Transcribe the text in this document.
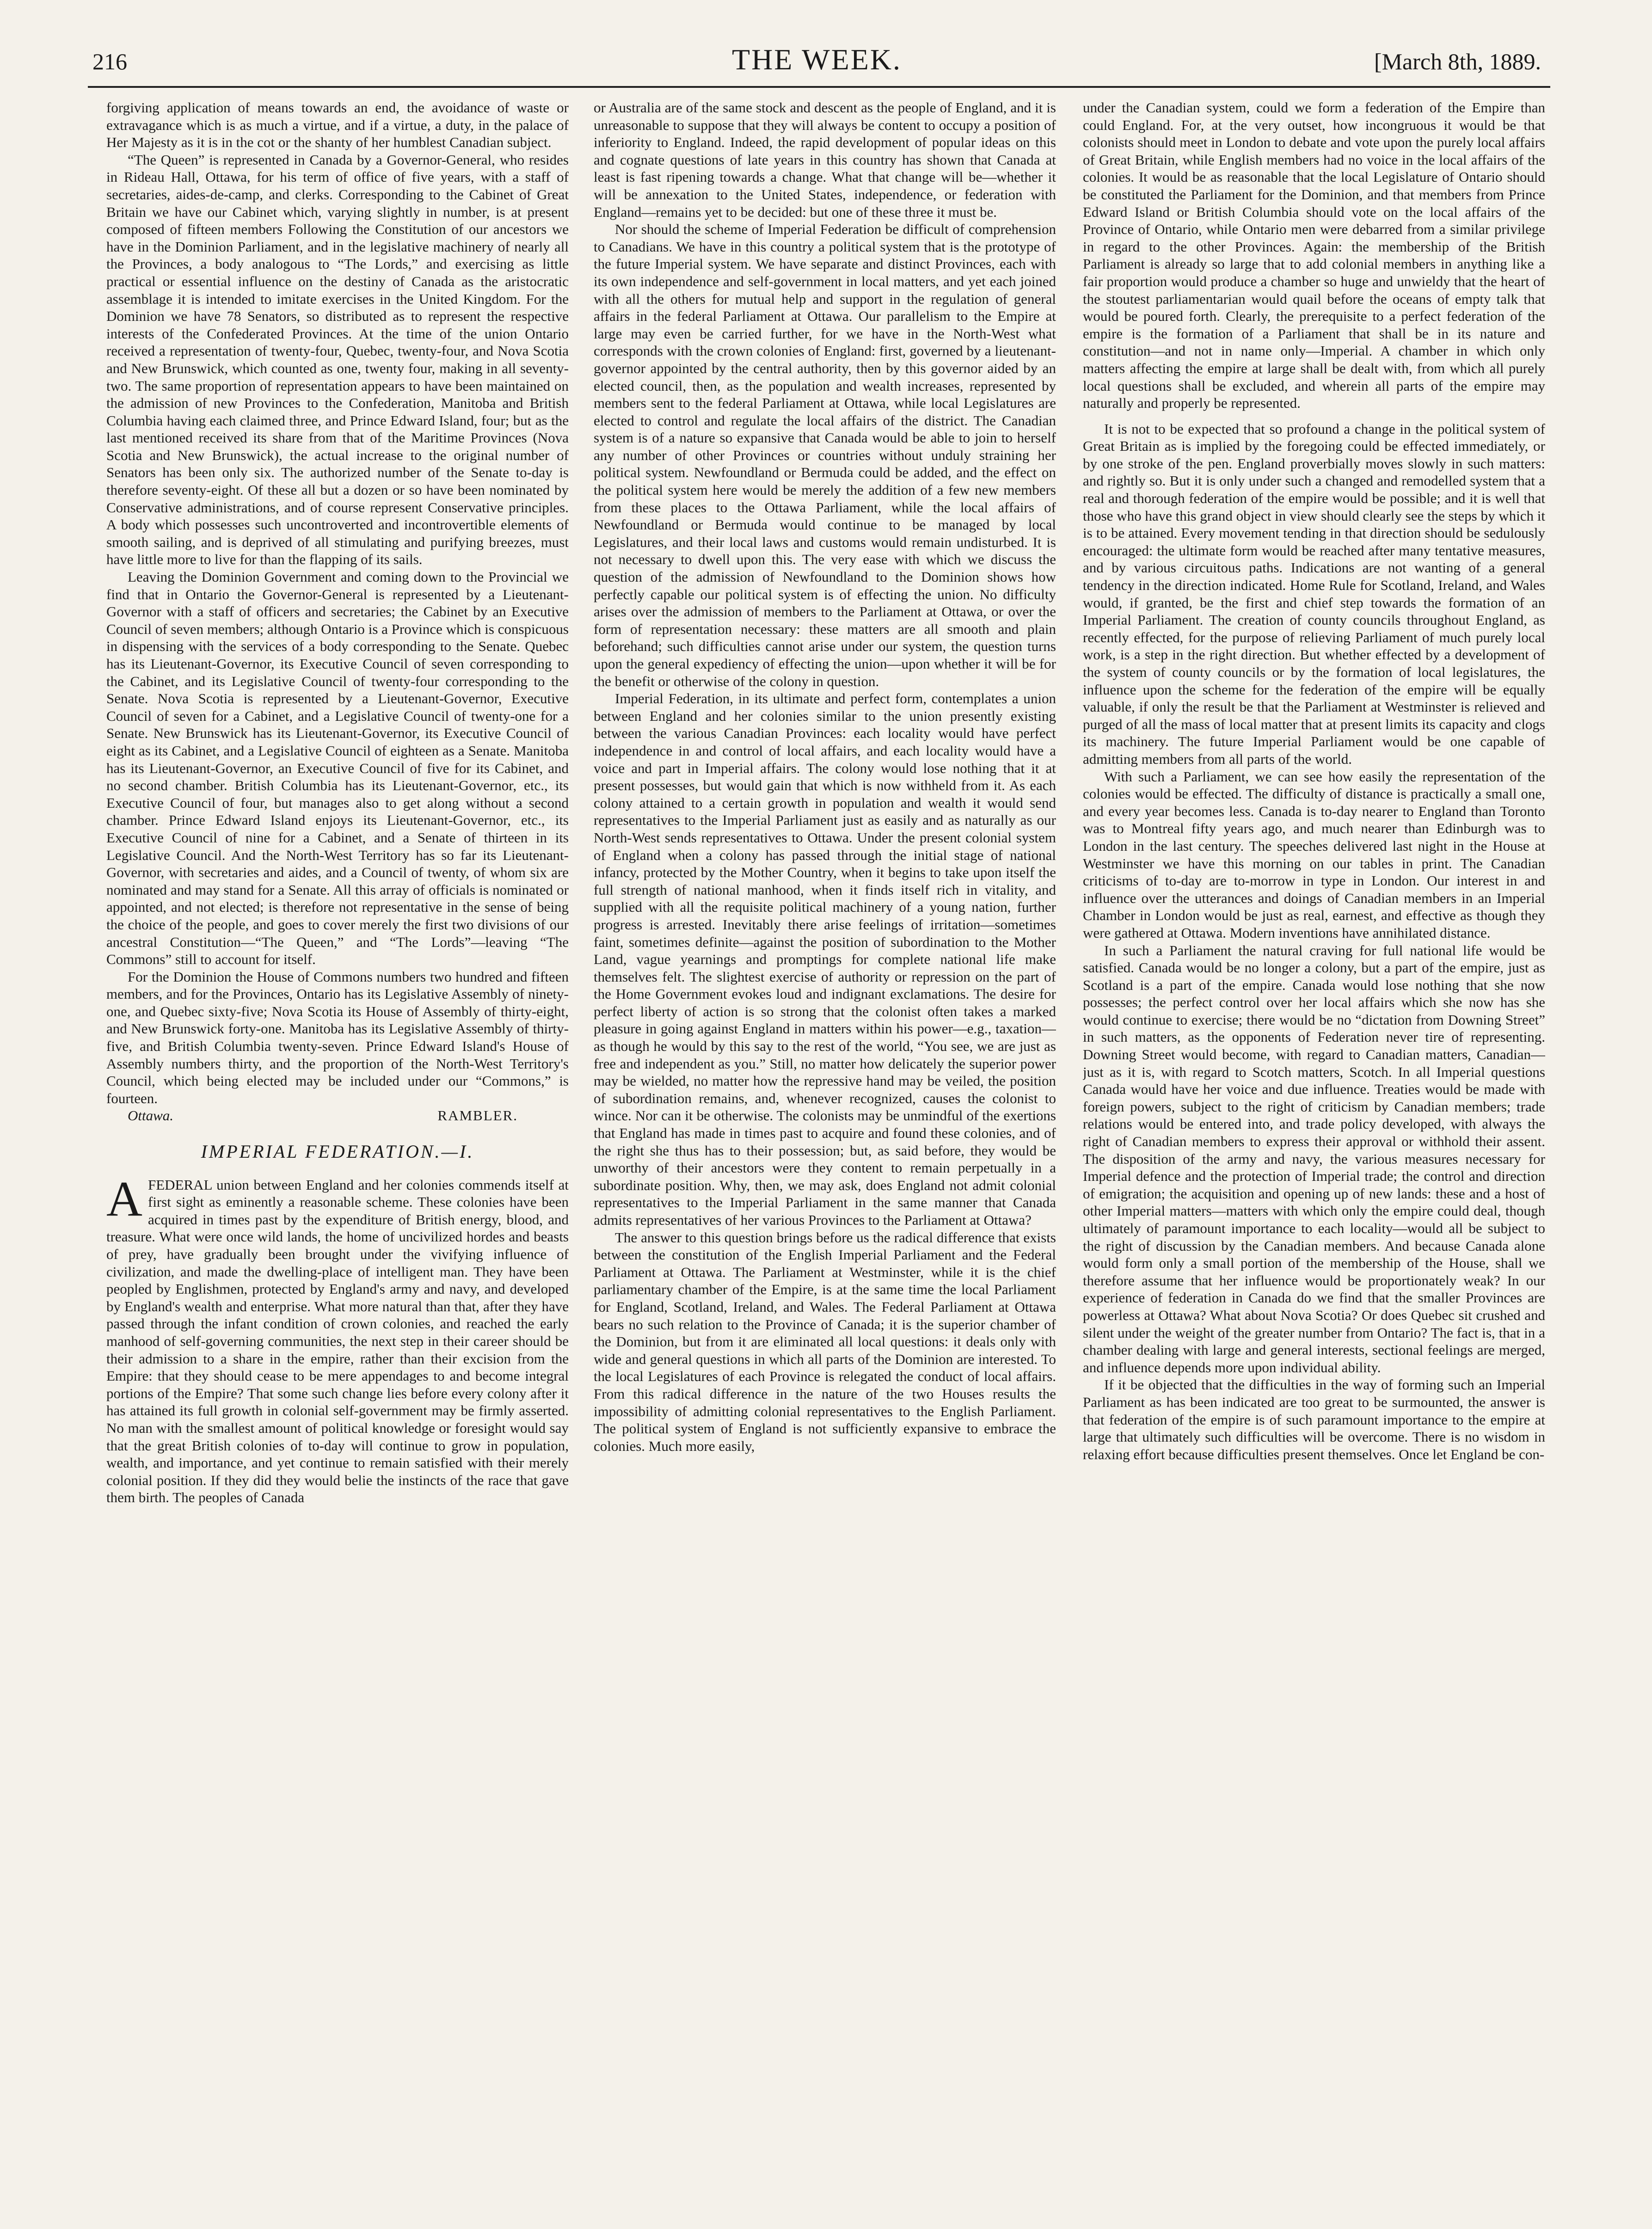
216	THE WEEK.	[March 8th, 1889.

forgiving application of means towards an end, the avoidance of waste or extravagance which is as much a virtue, and if a virtue, a duty, in the palace of Her Majesty as it is in the cot or the shanty of her humblest Canadian subject.

“The Queen” is represented in Canada by a Governor-General, who resides in Rideau Hall, Ottawa, for his term of office of five years, with a staff of secretaries, aides-de-camp, and clerks. Corresponding to the Cabinet of Great Britain we have our Cabinet which, varying slightly in number, is at present composed of fifteen members Following the Constitution of our ancestors we have in the Dominion Parliament, and in the legislative machinery of nearly all the Provinces, a body analogous to “The Lords,” and exercising as little practical or essential influence on the destiny of Canada as the aristocratic assemblage it is intended to imitate exercises in the United Kingdom. For the Dominion we have 78 Senators, so distributed as to represent the respective interests of the Confederated Provinces. At the time of the union Ontario received a representation of twenty-four, Quebec, twenty-four, and Nova Scotia and New Brunswick, which counted as one, twenty four, making in all seventy-two. The same proportion of representation appears to have been maintained on the admission of new Provinces to the Confederation, Manitoba and British Columbia having each claimed three, and Prince Edward Island, four; but as the last mentioned received its share from that of the Maritime Provinces (Nova Scotia and New Brunswick), the actual increase to the original number of Senators has been only six. The authorized number of the Senate to-day is therefore seventy-eight. Of these all but a dozen or so have been nominated by Conservative administrations, and of course represent Conservative principles. A body which possesses such uncontroverted and incontrovertible elements of smooth sailing, and is deprived of all stimulating and purifying breezes, must have little more to live for than the flapping of its sails.

Leaving the Dominion Government and coming down to the Provincial we find that in Ontario the Governor-General is represented by a Lieutenant-Governor with a staff of officers and secretaries; the Cabinet by an Executive Council of seven members; although Ontario is a Province which is conspicuous in dispensing with the services of a body corresponding to the Senate. Quebec has its Lieutenant-Governor, its Executive Council of seven corresponding to the Cabinet, and its Legislative Council of twenty-four corresponding to the Senate. Nova Scotia is represented by a Lieutenant-Governor, Executive Council of seven for a Cabinet, and a Legislative Council of twenty-one for a Senate. New Brunswick has its Lieutenant-Governor, its Executive Council of eight as its Cabinet, and a Legislative Council of eighteen as a Senate. Manitoba has its Lieutenant-Governor, an Executive Council of five for its Cabinet, and no second chamber. British Columbia has its Lieutenant-Governor, etc., its Executive Council of four, but manages also to get along without a second chamber. Prince Edward Island enjoys its Lieutenant-Governor, etc., its Executive Council of nine for a Cabinet, and a Senate of thirteen in its Legislative Council. And the North-West Territory has so far its Lieutenant-Governor, with secretaries and aides, and a Council of twenty, of whom six are nominated and may stand for a Senate. All this array of officials is nominated or appointed, and not elected; is therefore not representative in the sense of being the choice of the people, and goes to cover merely the first two divisions of our ancestral Constitution—“The Queen,” and “The Lords”—leaving “The Commons” still to account for itself.

For the Dominion the House of Commons numbers two hundred and fifteen members, and for the Provinces, Ontario has its Legislative Assembly of ninety-one, and Quebec sixty-five; Nova Scotia its House of Assembly of thirty-eight, and New Brunswick forty-one. Manitoba has its Legislative Assembly of thirty-five, and British Columbia twenty-seven. Prince Edward Island's House of Assembly numbers thirty, and the proportion of the North-West Territory's Council, which being elected may be included under our “Commons,” is fourteen.

Ottawa.	RAMBLER.
IMPERIAL FEDERATION.—I.

AFEDERAL union between England and her colonies commends itself at first sight as eminently a reasonable scheme. These colonies have been acquired in times past by the expenditure of British energy, blood, and treasure. What were once wild lands, the home of uncivilized hordes and beasts of prey, have gradually been brought under the vivifying influence of civilization, and made the dwelling-place of intelligent man. They have been peopled by Englishmen, protected by England's army and navy, and developed by England's wealth and enterprise. What more natural than that, after they have passed through the infant condition of crown colonies, and reached the early manhood of self-governing communities, the next step in their career should be their admission to a share in the empire, rather than their excision from the Empire: that they should cease to be mere appendages to and become integral portions of the Empire? That some such change lies before every colony after it has attained its full growth in colonial self-government may be firmly asserted. No man with the smallest amount of political knowledge or foresight would say that the great British colonies of to-day will continue to grow in population, wealth, and importance, and yet continue to remain satisfied with their merely colonial position. If they did they would belie the instincts of the race that gave them birth. The peoples of Canada

or Australia are of the same stock and descent as the people of England, and it is unreasonable to suppose that they will always be content to occupy a position of inferiority to England. Indeed, the rapid development of popular ideas on this and cognate questions of late years in this country has shown that Canada at least is fast ripening towards a change. What that change will be—whether it will be annexation to the United States, independence, or federation with England—remains yet to be decided: but one of these three it must be.

Nor should the scheme of Imperial Federation be difficult of comprehension to Canadians. We have in this country a political system that is the prototype of the future Imperial system. We have separate and distinct Provinces, each with its own independence and self-government in local matters, and yet each joined with all the others for mutual help and support in the regulation of general affairs in the federal Parliament at Ottawa. Our parallelism to the Empire at large may even be carried further, for we have in the North-West what corresponds with the crown colonies of England: first, governed by a lieutenant-governor appointed by the central authority, then by this governor aided by an elected council, then, as the population and wealth increases, represented by members sent to the federal Parliament at Ottawa, while local Legislatures are elected to control and regulate the local affairs of the district. The Canadian system is of a nature so expansive that Canada would be able to join to herself any number of other Provinces or countries without unduly straining her political system. Newfoundland or Bermuda could be added, and the effect on the political system here would be merely the addition of a few new members from these places to the Ottawa Parliament, while the local affairs of Newfoundland or Bermuda would continue to be managed by local Legislatures, and their local laws and customs would remain undisturbed. It is not necessary to dwell upon this. The very ease with which we discuss the question of the admission of Newfoundland to the Dominion shows how perfectly capable our political system is of effecting the union. No difficulty arises over the admission of members to the Parliament at Ottawa, or over the form of representation necessary: these matters are all smooth and plain beforehand; such difficulties cannot arise under our system, the question turns upon the general expediency of effecting the union—upon whether it will be for the benefit or otherwise of the colony in question.

Imperial Federation, in its ultimate and perfect form, contemplates a union between England and her colonies similar to the union presently existing between the various Canadian Provinces: each locality would have perfect independence in and control of local affairs, and each locality would have a voice and part in Imperial affairs. The colony would lose nothing that it at present possesses, but would gain that which is now withheld from it. As each colony attained to a certain growth in population and wealth it would send representatives to the Imperial Parliament just as easily and as naturally as our North-West sends representatives to Ottawa. Under the present colonial system of England when a colony has passed through the initial stage of national infancy, protected by the Mother Country, when it begins to take upon itself the full strength of national manhood, when it finds itself rich in vitality, and supplied with all the requisite political machinery of a young nation, further progress is arrested. Inevitably there arise feelings of irritation—sometimes faint, sometimes definite—against the position of subordination to the Mother Land, vague yearnings and promptings for complete national life make themselves felt. The slightest exercise of authority or repression on the part of the Home Government evokes loud and indignant exclamations. The desire for perfect liberty of action is so strong that the colonist often takes a marked pleasure in going against England in matters within his power—e.g., taxation—as though he would by this say to the rest of the world, “You see, we are just as free and independent as you.” Still, no matter how delicately the superior power may be wielded, no matter how the repressive hand may be veiled, the position of subordination remains, and, whenever recognized, causes the colonist to wince. Nor can it be otherwise. The colonists may be unmindful of the exertions that England has made in times past to acquire and found these colonies, and of the right she thus has to their possession; but, as said before, they would be unworthy of their ancestors were they content to remain perpetually in a subordinate position. Why, then, we may ask, does England not admit colonial representatives to the Imperial Parliament in the same manner that Canada admits representatives of her various Provinces to the Parliament at Ottawa?

The answer to this question brings before us the radical difference that exists between the constitution of the English Imperial Parliament and the Federal Parliament at Ottawa. The Parliament at Westminster, while it is the chief parliamentary chamber of the Empire, is at the same time the local Parliament for England, Scotland, Ireland, and Wales. The Federal Parliament at Ottawa bears no such relation to the Province of Canada; it is the superior chamber of the Dominion, but from it are eliminated all local questions: it deals only with wide and general questions in which all parts of the Dominion are interested. To the local Legislatures of each Province is relegated the conduct of local affairs. From this radical difference in the nature of the two Houses results the impossibility of admitting colonial representatives to the English Parliament. The political system of England is not sufficiently expansive to embrace the colonies. Much more easily,

under the Canadian system, could we form a federation of the Empire than could England. For, at the very outset, how incongruous it would be that colonists should meet in London to debate and vote upon the purely local affairs of Great Britain, while English members had no voice in the local affairs of the colonies. It would be as reasonable that the local Legislature of Ontario should be constituted the Parliament for the Dominion, and that members from Prince Edward Island or British Columbia should vote on the local affairs of the Province of Ontario, while Ontario men were debarred from a similar privilege in regard to the other Provinces. Again: the membership of the British Parliament is already so large that to add colonial members in anything like a fair proportion would produce a chamber so huge and unwieldy that the heart of the stoutest parliamentarian would quail before the oceans of empty talk that would be poured forth. Clearly, the prerequisite to a perfect federation of the empire is the formation of a Parliament that shall be in its nature and constitution—and not in name only—Imperial. A chamber in which only matters affecting the empire at large shall be dealt with, from which all purely local questions shall be excluded, and wherein all parts of the empire may naturally and properly be represented.

It is not to be expected that so profound a change in the political system of Great Britain as is implied by the foregoing could be effected immediately, or by one stroke of the pen. England proverbially moves slowly in such matters: and rightly so. But it is only under such a changed and remodelled system that a real and thorough federation of the empire would be possible; and it is well that those who have this grand object in view should clearly see the steps by which it is to be attained. Every movement tending in that direction should be sedulously encouraged: the ultimate form would be reached after many tentative measures, and by various circuitous paths. Indications are not wanting of a general tendency in the direction indicated. Home Rule for Scotland, Ireland, and Wales would, if granted, be the first and chief step towards the formation of an Imperial Parliament. The creation of county councils throughout England, as recently effected, for the purpose of relieving Parliament of much purely local work, is a step in the right direction. But whether effected by a development of the system of county councils or by the formation of local legislatures, the influence upon the scheme for the federation of the empire will be equally valuable, if only the result be that the Parliament at Westminster is relieved and purged of all the mass of local matter that at present limits its capacity and clogs its machinery. The future Imperial Parliament would be one capable of admitting members from all parts of the world.

With such a Parliament, we can see how easily the representation of the colonies would be effected. The difficulty of distance is practically a small one, and every year becomes less. Canada is to-day nearer to England than Toronto was to Montreal fifty years ago, and much nearer than Edinburgh was to London in the last century. The speeches delivered last night in the House at Westminster we have this morning on our tables in print. The Canadian criticisms of to-day are to-morrow in type in London. Our interest in and influence over the utterances and doings of Canadian members in an Imperial Chamber in London would be just as real, earnest, and effective as though they were gathered at Ottawa. Modern inventions have annihilated distance.

In such a Parliament the natural craving for full national life would be satisfied. Canada would be no longer a colony, but a part of the empire, just as Scotland is a part of the empire. Canada would lose nothing that she now possesses; the perfect control over her local affairs which she now has she would continue to exercise; there would be no “dictation from Downing Street” in such matters, as the opponents of Federation never tire of representing. Downing Street would become, with regard to Canadian matters, Canadian—just as it is, with regard to Scotch matters, Scotch. In all Imperial questions Canada would have her voice and due influence. Treaties would be made with foreign powers, subject to the right of criticism by Canadian members; trade relations would be entered into, and trade policy developed, with always the right of Canadian members to express their approval or withhold their assent. The disposition of the army and navy, the various measures necessary for Imperial defence and the protection of Imperial trade; the control and direction of emigration; the acquisition and opening up of new lands: these and a host of other Imperial matters—matters with which only the empire could deal, though ultimately of paramount importance to each locality—would all be subject to the right of discussion by the Canadian members. And because Canada alone would form only a small portion of the membership of the House, shall we therefore assume that her influence would be proportionately weak? In our experience of federation in Canada do we find that the smaller Provinces are powerless at Ottawa? What about Nova Scotia? Or does Quebec sit crushed and silent under the weight of the greater number from Ontario? The fact is, that in a chamber dealing with large and general interests, sectional feelings are merged, and influence depends more upon individual ability.

If it be objected that the difficulties in the way of forming such an Imperial Parliament as has been indicated are too great to be surmounted, the answer is that federation of the empire is of such paramount importance to the empire at large that ultimately such difficulties will be overcome. There is no wisdom in relaxing effort because difficulties present themselves. Once let England be con-
